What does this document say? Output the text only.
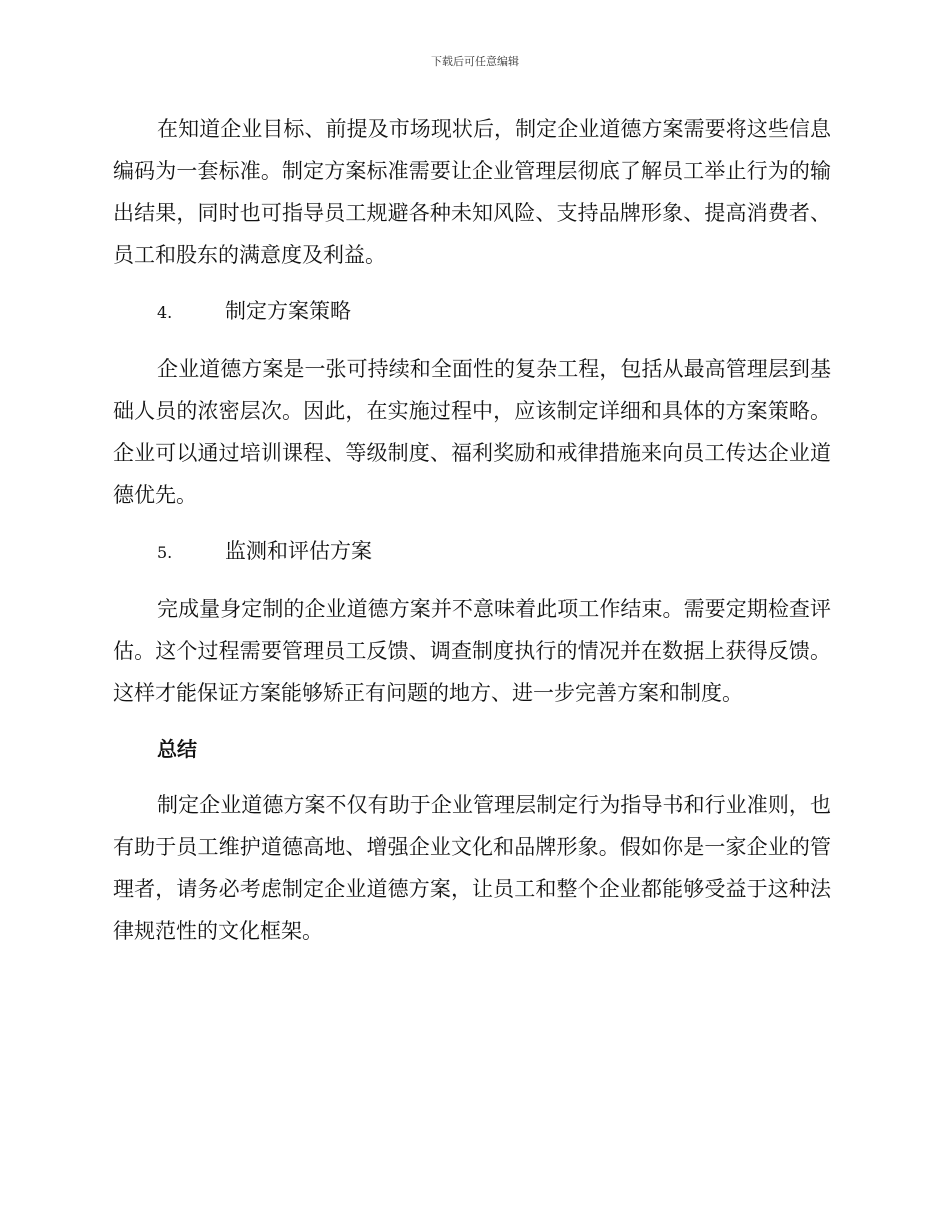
下载后可任意编辑

在知道企业目标、前提及市场现状后，制定企业道德方案需要将这些信息编码为一套标准。制定方案标准需要让企业管理层彻底了解员工举止行为的输出结果，同时也可指导员工规避各种未知风险、支持品牌形象、提高消费者、员工和股东的满意度及利益。

4.	制定方案策略

企业道德方案是一张可持续和全面性的复杂工程，包括从最高管理层到基础人员的浓密层次。因此，在实施过程中，应该制定详细和具体的方案策略。企业可以通过培训课程、等级制度、福利奖励和戒律措施来向员工传达企业道德优先。

5.	监测和评估方案

完成量身定制的企业道德方案并不意味着此项工作结束。需要定期检查评估。这个过程需要管理员工反馈、调查制度执行的情况并在数据上获得反馈。这样才能保证方案能够矫正有问题的地方、进一步完善方案和制度。

总结

制定企业道德方案不仅有助于企业管理层制定行为指导书和行业准则，也有助于员工维护道德高地、增强企业文化和品牌形象。假如你是一家企业的管理者，请务必考虑制定企业道德方案，让员工和整个企业都能够受益于这种法律规范性的文化框架。
